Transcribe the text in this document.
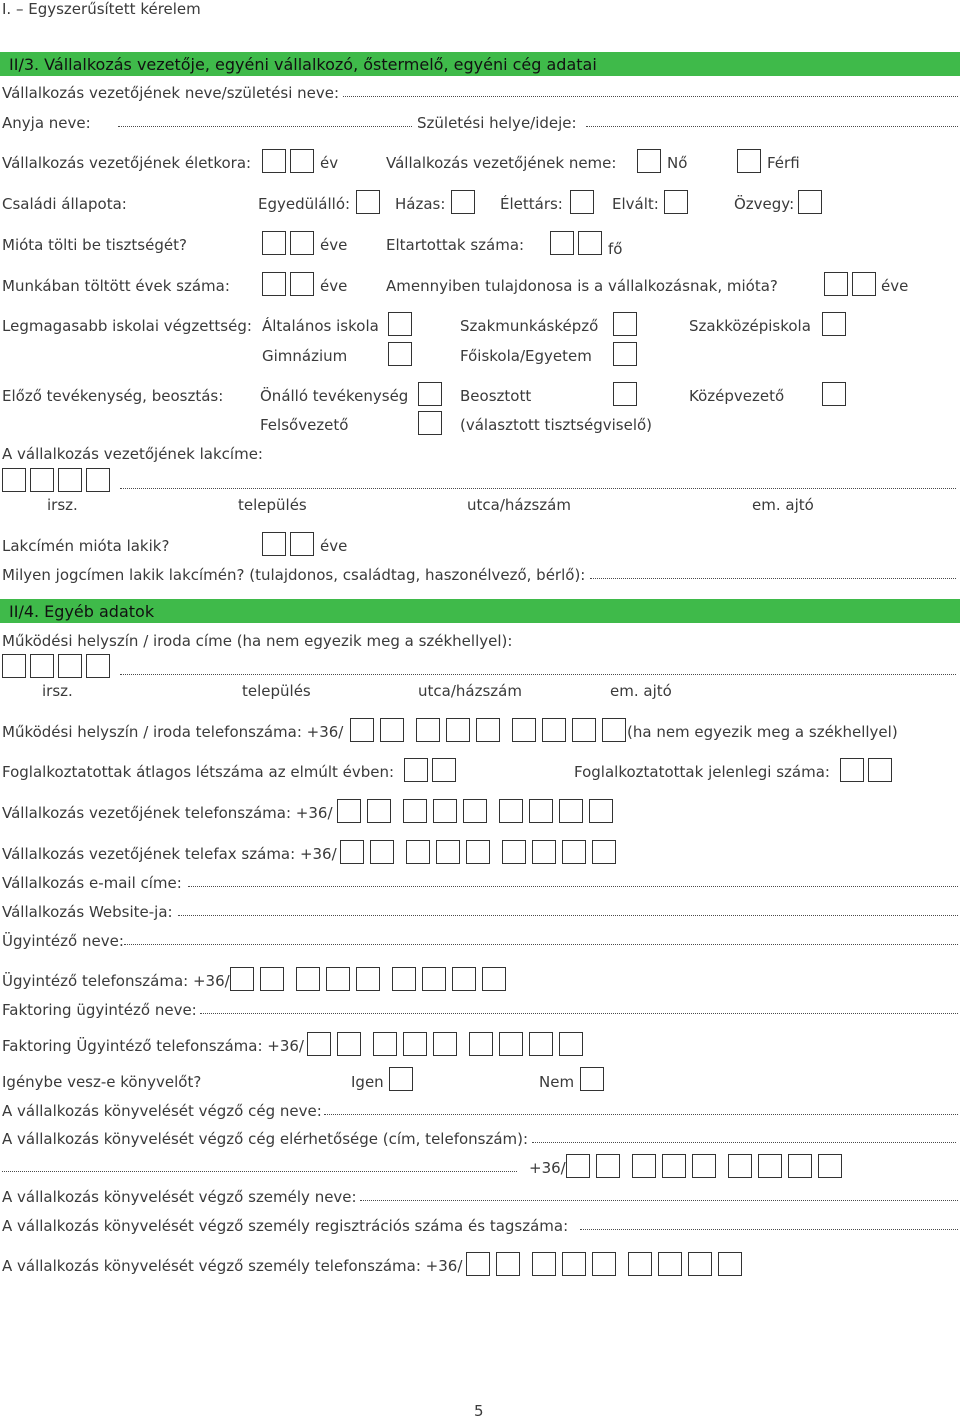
I. – Egyszerűsített kérelem
II/3. Vállalkozás vezetője, egyéni vállalkozó, őstermelő, egyéni cég adatai
Vállalkozás vezetőjének neve/születési neve:
Anyja neve:	Születési helye/ideje:
Vállalkozás vezetőjének életkora:	év	Vállalkozás vezetőjének neme:	Nő	Férfi
Családi állapota:	Egyedülálló:	Házas:	Élettárs:	Elvált:	Özvegy:
Mióta tölti be tisztségét?	éve	Eltartottak száma:	fő
Munkában töltött évek száma:	éve	Amennyiben tulajdonosa is a vállalkozásnak, mióta?	éve
Legmagasabb iskolai végzettség: Általános iskola	Szakmunkásképző	Szakközépiskola
Gimnázium	Főiskola/Egyetem
Előző tevékenység, beosztás: Önálló tevékenység	Beosztott	Középvezető
Felsővezető	(választott tisztségviselő)
A vállalkozás vezetőjének lakcíme:
irsz.	település	utca/házszám	em. ajtó
Lakcímén mióta lakik?	éve
Milyen jogcímen lakik lakcímén? (tulajdonos, családtag, haszonélvező, bérlő):
II/4. Egyéb adatok
Működési helyszín / iroda címe (ha nem egyezik meg a székhellyel):
irsz.	település	utca/házszám	em. ajtó
Működési helyszín / iroda telefonszáma: +36/	(ha nem egyezik meg a székhellyel)
Foglalkoztatottak átlagos létszáma az elmúlt évben:	Foglalkoztatottak jelenlegi száma:
Vállalkozás vezetőjének telefonszáma: +36/
Vállalkozás vezetőjének telefax száma: +36/
Vállalkozás e-mail címe:
Vállalkozás Website-ja:
Ügyintéző neve:
Ügyintéző telefonszáma: +36/
Faktoring ügyintéző neve:
Faktoring Ügyintéző telefonszáma: +36/
Igénybe vesz-e könyvelőt?	Igen	Nem
A vállalkozás könyvelését végző cég neve:
A vállalkozás könyvelését végző cég elérhetősége (cím, telefonszám):
+36/
A vállalkozás könyvelését végző személy neve:
A vállalkozás könyvelését végző személy regisztrációs száma és tagszáma:
A vállalkozás könyvelését végző személy telefonszáma: +36/
5
